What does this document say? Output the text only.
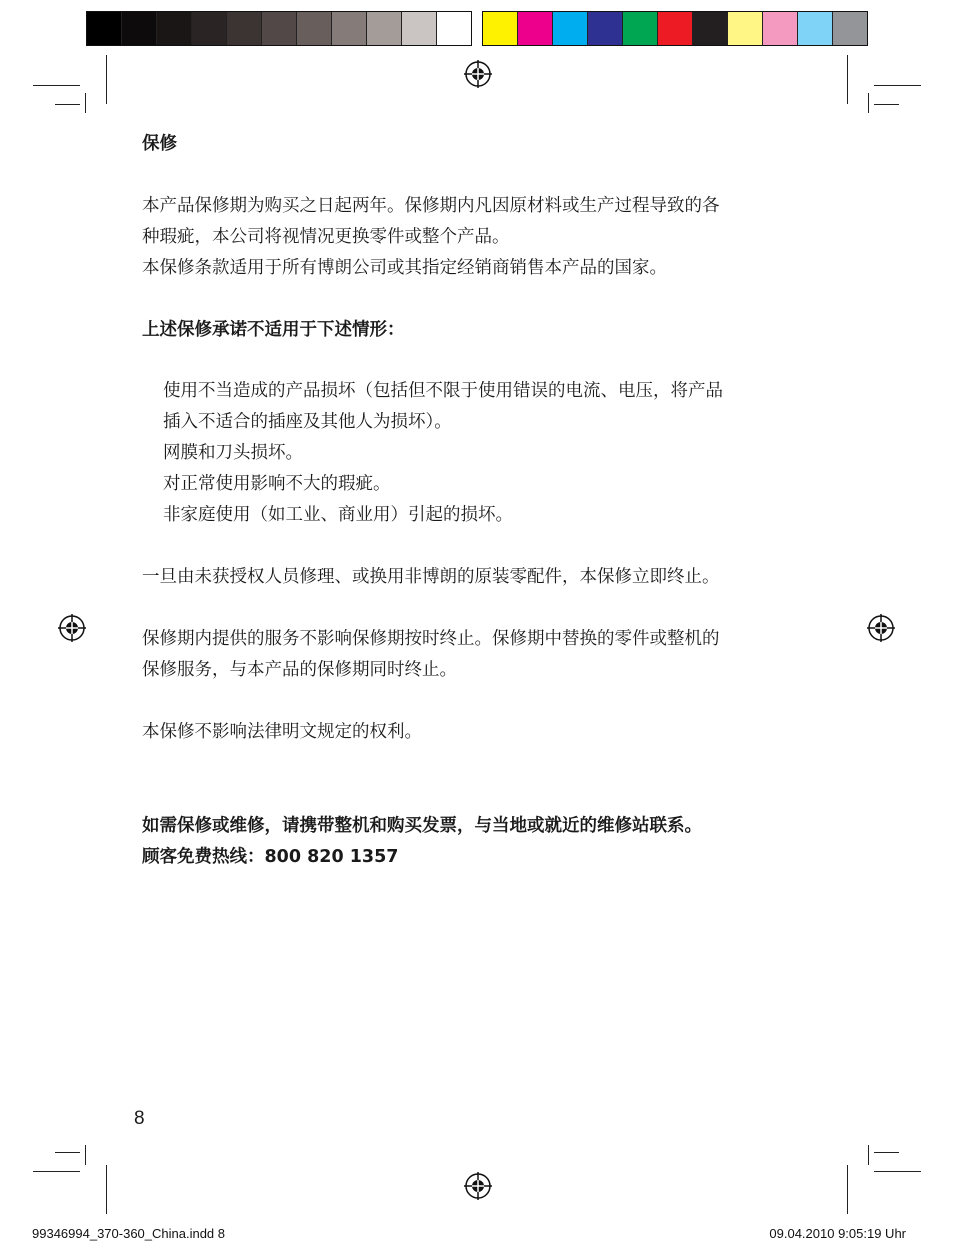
保修
本产品保修期为购买之日起两年。保修期内凡因原材料或生产过程导致的各
种瑕疵，本公司将视情况更换零件或整个产品。
本保修条款适用于所有博朗公司或其指定经销商销售本产品的国家。
上述保修承诺不适用于下述情形：
使用不当造成的产品损坏（包括但不限于使用错误的电流、电压，将产品
插入不适合的插座及其他人为损坏）。
网膜和刀头损坏。
对正常使用影响不大的瑕疵。
非家庭使用（如工业、商业用）引起的损坏。
一旦由未获授权人员修理、或换用非博朗的原装零配件，本保修立即终止。
保修期内提供的服务不影响保修期按时终止。保修期中替换的零件或整机的
保修服务，与本产品的保修期同时终止。
本保修不影响法律明文规定的权利。
如需保修或维修，请携带整机和购买发票，与当地或就近的维修站联系。
顾客免费热线：800 820 1357
8
99346994_370-360_China.indd 8	09.04.2010 9:05:19 Uhr
